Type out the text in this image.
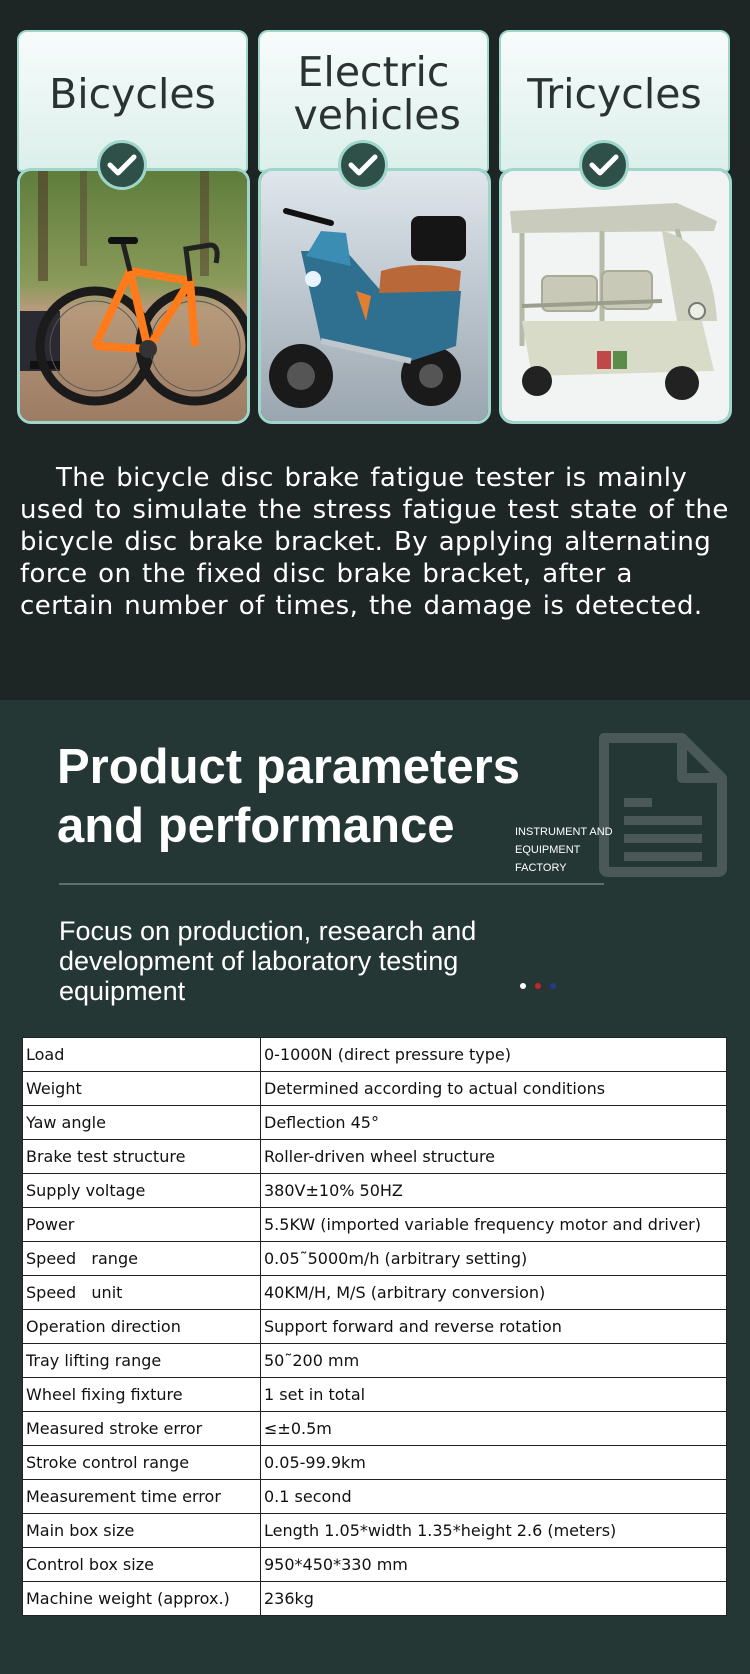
Bicycles Electric vehicles Tricycles

The bicycle disc brake fatigue tester is mainly used to simulate the stress fatigue test state of the bicycle disc brake bracket. By applying alternating force on the fixed disc brake bracket, after a certain number of times, the damage is detected.

Product parameters
and performance	INSTRUMENT AND
EQUIPMENT
FACTORY

Focus on production, research and development of laboratory testing equipment

Load	0-1000N (direct pressure type)
Weight	Determined according to actual conditions
Yaw angle	Deflection 45°
Brake test structure	Roller-driven wheel structure
Supply voltage	380V±10% 50HZ
Power	5.5KW (imported variable frequency motor and driver)
Speed   range	0.05˜5000m/h (arbitrary setting)
Speed   unit	40KM/H, M/S (arbitrary conversion)
Operation direction	Support forward and reverse rotation
Tray lifting range	50˜200 mm
Wheel fixing fixture	1 set in total
Measured stroke error	≤±0.5m
Stroke control range	0.05-99.9km
Measurement time error	0.1 second
Main box size	Length 1.05*width 1.35*height 2.6 (meters)
Control box size	950*450*330 mm
Machine weight (approx.)	236kg
